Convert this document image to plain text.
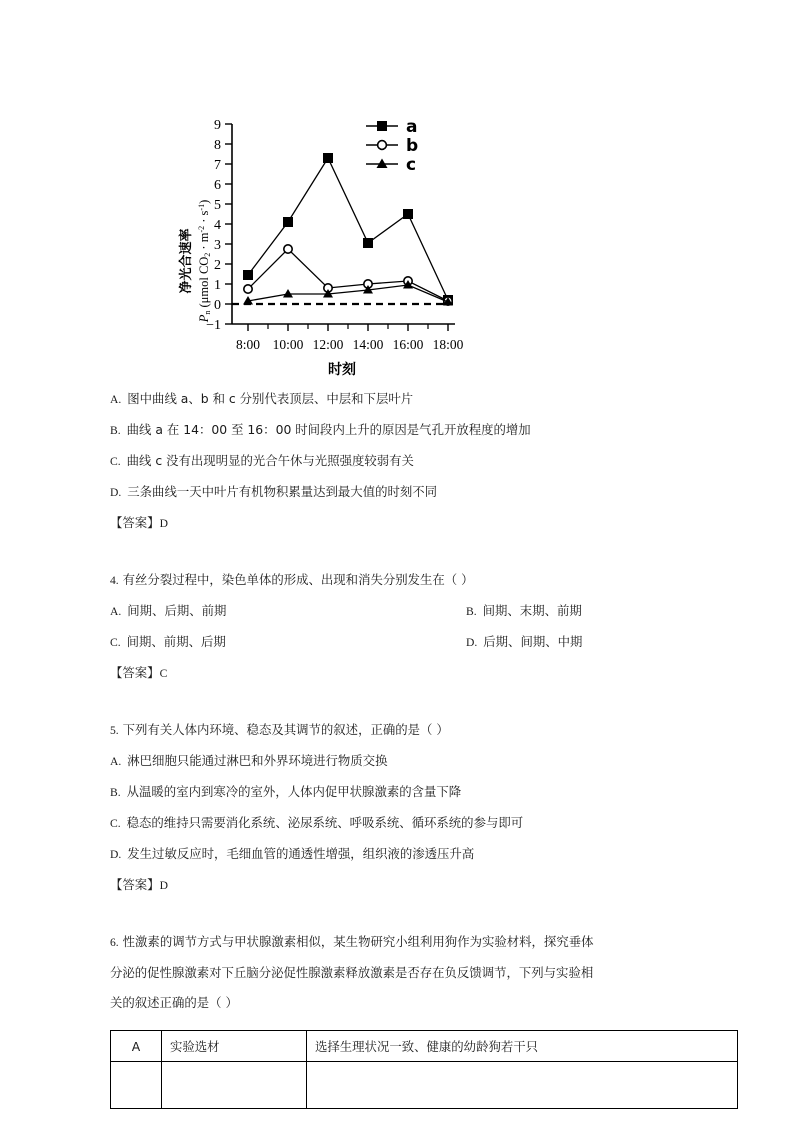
净光合速率
Pn (μmol $CO2 \cdot m^{-2} \cdot s^{-1}$)
9
8
7
6
5
4
3
2
1
0
−1
8:00 10:00 12:00 14:00 16:00 18:00
时刻
a
b
c
A. 图中曲线 a、b 和 c 分别代表顶层、中层和下层叶片
B. 曲线 a 在 14：00 至 16：00 时间段内上升的原因是气孔开放程度的增加
C. 曲线 c 没有出现明显的光合午休与光照强度较弱有关
D. 三条曲线一天中叶片有机物积累量达到最大值的时刻不同
【答案】D
4. 有丝分裂过程中，染色单体的形成、出现和消失分别发生在（ ）
A. 间期、后期、前期	B. 间期、末期、前期
C. 间期、前期、后期	D. 后期、间期、中期
【答案】C
5. 下列有关人体内环境、稳态及其调节的叙述，正确的是（ ）
A. 淋巴细胞只能通过淋巴和外界环境进行物质交换
B. 从温暖的室内到寒冷的室外，人体内促甲状腺激素的含量下降
C. 稳态的维持只需要消化系统、泌尿系统、呼吸系统、循环系统的参与即可
D. 发生过敏反应时，毛细血管的通透性增强，组织液的渗透压升高
【答案】D
6. 性激素的调节方式与甲状腺激素相似，某生物研究小组利用狗作为实验材料，探究垂体
分泌的促性腺激素对下丘脑分泌促性腺激素释放激素是否存在负反馈调节，下列与实验相
关的叙述正确的是（ ）
A	实验选材	选择生理状况一致、健康的幼龄狗若干只
